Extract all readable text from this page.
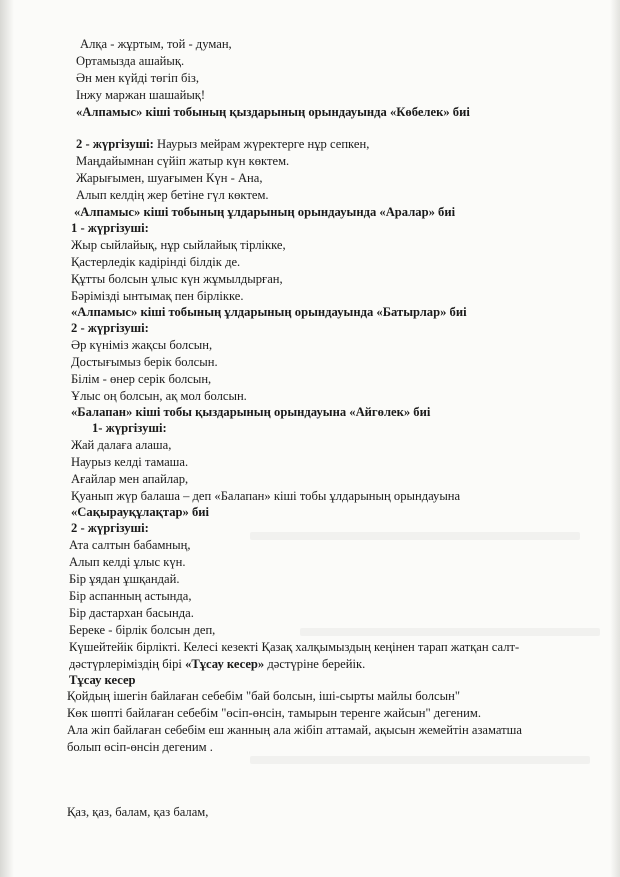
Алқа - жұртым, той - думан,
Ортамызда ашайық.
Ән мен күйді төгіп біз,
Інжу маржан шашайық!
«Алпамыс» кіші тобының қыздарының орындауында «Көбелек» биі
2 - жүргізуші: Наурыз мейрам жүректерге нұр сепкен,
Маңдайымнан сүйіп жатыр күн көктем.
Жарығымен, шуағымен Күн - Ана,
Алып келдің жер бетіне гүл көктем.
«Алпамыс» кіші тобының ұлдарының орындауында «Аралар» биі
1 - жүргізуші:
Жыр сыйлайық, нұр сыйлайық тірлікке,
Қастерледік кадірінді білдік де.
Құтты болсын ұлыс күн жұмылдырған,
Бәрімізді ынтымақ пен бірлікке.
«Алпамыс» кіші тобының ұлдарының орындауында «Батырлар» биі
2 - жүргізуші:
Әр күніміз жақсы болсын,
Достығымыз берік болсын.
Білім - өнер серік болсын,
Ұлыс оң болсын, ақ мол болсын.
«Балапан» кіші тобы қыздарының орындауына «Айгөлек» биі
1- жүргізуші:
Жай далаға алаша,
Наурыз келді тамаша.
Ағайлар мен апайлар,
Қуанып жүр балаша – деп «Балапан» кіші тобы ұлдарының орындауына
«Сақырауқұлақтар» биі
2 - жүргізуші:
Ата салтын бабамның,
Алып келді ұлыс күн.
Бір ұядан ұшқандай.
Бір аспанның астында,
Бір дастархан басында.
Береке - бірлік болсын деп,
Күшейтейік бірлікті. Келесі кезекті Қазақ халқымыздың кеңінен тарап жатқан салт-
дәстүрлеріміздің бірі «Тұсау кесер» дәстүріне берейік.
Тұсау кесер
Қойдың ішегін байлаған себебім "бай болсын, іші-сырты майлы болсын"
Көк шөпті байлаған себебім "өсіп-өнсін, тамырын теренге жайсын" дегеним.
Ала жіп байлаған себебім еш жанның ала жібіп аттамай, ақысын жемейтін азаматша
болып өсіп-өнсін дегеним .
Қаз, қаз, балам, қаз балам,
